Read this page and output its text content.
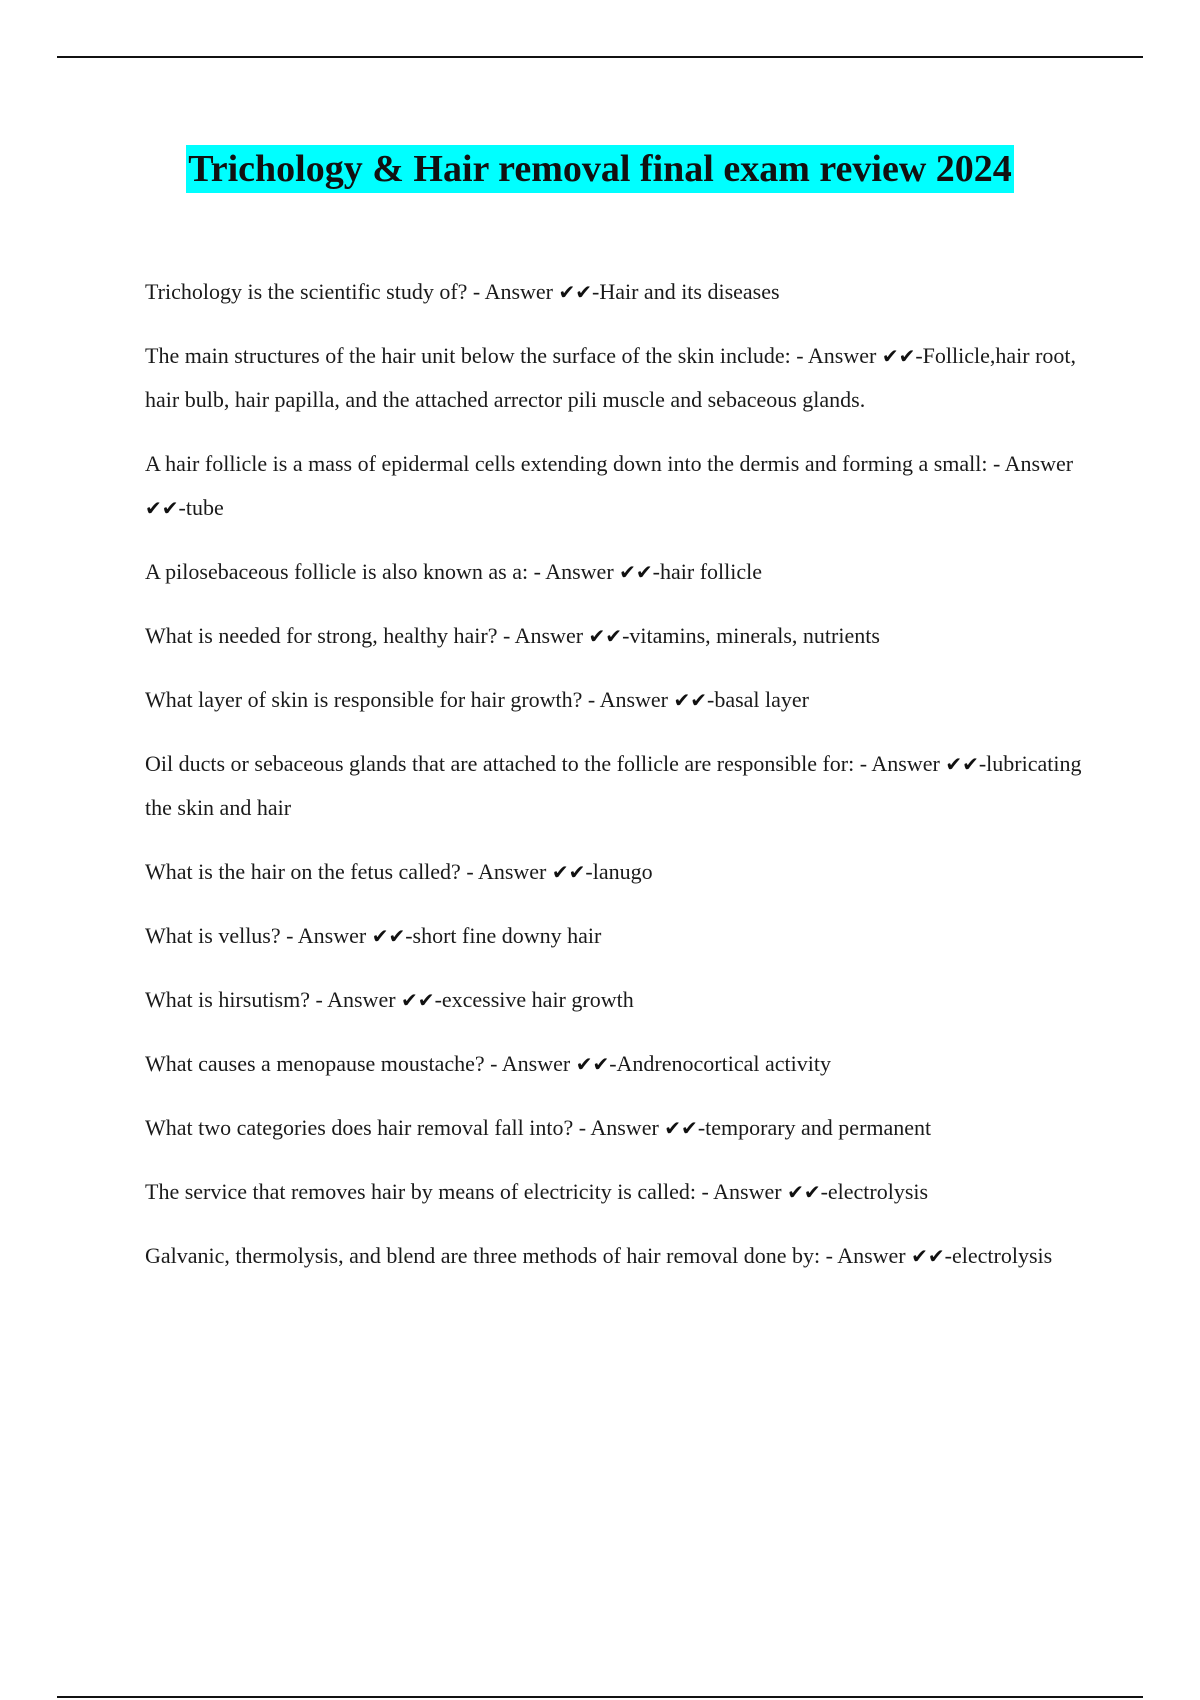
Trichology & Hair removal final exam review 2024

Trichology is the scientific study of? - Answer ✔✔-Hair and its diseases

The main structures of the hair unit below the surface of the skin include: - Answer ✔✔-Follicle,hair root, hair bulb, hair papilla, and the attached arrector pili muscle and sebaceous glands.

A hair follicle is a mass of epidermal cells extending down into the dermis and forming a small: - Answer ✔✔-tube

A pilosebaceous follicle is also known as a: - Answer ✔✔-hair follicle

What is needed for strong, healthy hair? - Answer ✔✔-vitamins, minerals, nutrients

What layer of skin is responsible for hair growth? - Answer ✔✔-basal layer

Oil ducts or sebaceous glands that are attached to the follicle are responsible for: - Answer ✔✔-lubricating the skin and hair

What is the hair on the fetus called? - Answer ✔✔-lanugo

What is vellus? - Answer ✔✔-short fine downy hair

What is hirsutism? - Answer ✔✔-excessive hair growth

What causes a menopause moustache? - Answer ✔✔-Andrenocortical activity

What two categories does hair removal fall into? - Answer ✔✔-temporary and permanent

The service that removes hair by means of electricity is called: - Answer ✔✔-electrolysis

Galvanic, thermolysis, and blend are three methods of hair removal done by: - Answer ✔✔-electrolysis
